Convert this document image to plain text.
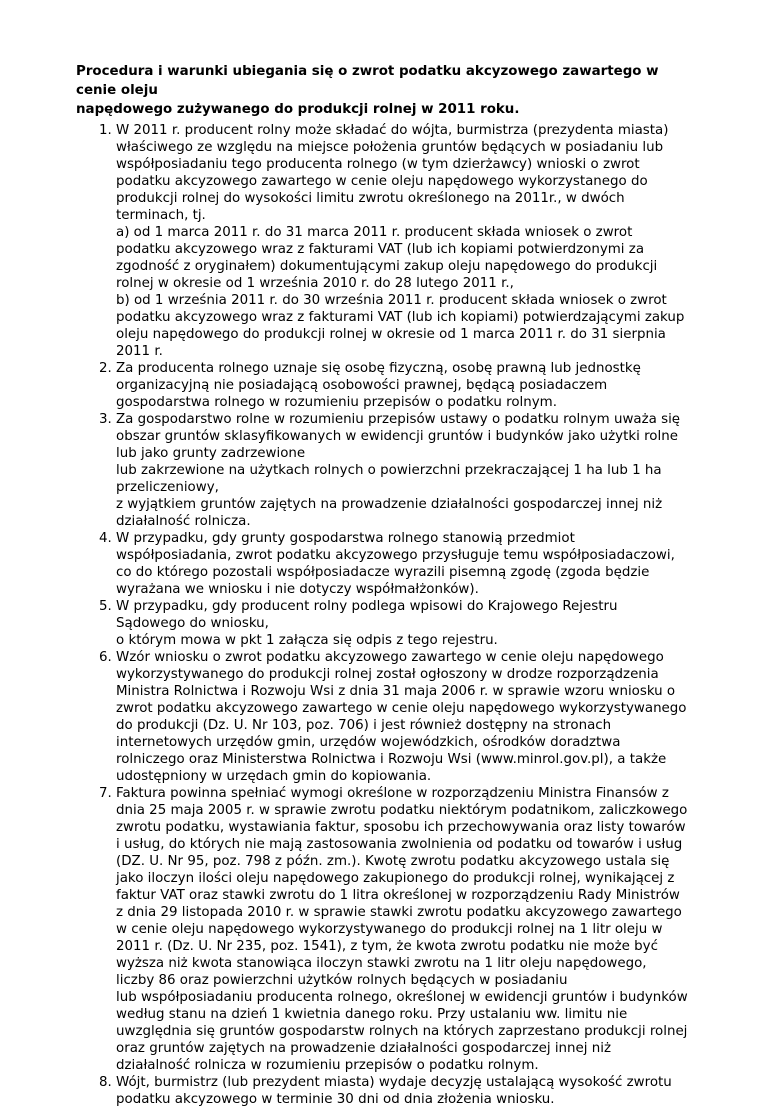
Procedura i warunki ubiegania się o zwrot podatku akcyzowego zawartego w cenie oleju
napędowego zużywanego do produkcji rolnej w 2011 roku.
1. W 2011 r. producent rolny może składać do wójta, burmistrza (prezydenta miasta) właściwego ze względu na miejsce położenia gruntów będących w posiadaniu lub współposiadaniu tego producenta rolnego (w tym dzierżawcy) wnioski o zwrot podatku akcyzowego zawartego w cenie oleju napędowego wykorzystanego do produkcji rolnej do wysokości limitu zwrotu określonego na 2011r., w dwóch terminach, tj.
a) od 1 marca 2011 r. do 31 marca 2011 r. producent składa wniosek o zwrot podatku akcyzowego wraz z fakturami VAT (lub ich kopiami potwierdzonymi za zgodność z oryginałem) dokumentującymi zakup oleju napędowego do produkcji rolnej w okresie od 1 września 2010 r. do 28 lutego 2011 r.,
b) od 1 września 2011 r. do 30 września 2011 r. producent składa wniosek o zwrot podatku akcyzowego wraz z fakturami VAT (lub ich kopiami) potwierdzającymi zakup oleju napędowego do produkcji rolnej w okresie od 1 marca 2011 r. do 31 sierpnia 2011 r.
2. Za producenta rolnego uznaje się osobę fizyczną, osobę prawną lub jednostkę organizacyjną nie posiadającą osobowości prawnej, będącą posiadaczem gospodarstwa rolnego w rozumieniu przepisów o podatku rolnym.
3. Za gospodarstwo rolne w rozumieniu przepisów ustawy o podatku rolnym uważa się obszar gruntów sklasyfikowanych w ewidencji gruntów i budynków jako użytki rolne lub jako grunty zadrzewione
lub zakrzewione na użytkach rolnych o powierzchni przekraczającej 1 ha lub 1 ha przeliczeniowy,
z wyjątkiem gruntów zajętych na prowadzenie działalności gospodarczej innej niż działalność rolnicza.
4. W przypadku, gdy grunty gospodarstwa rolnego stanowią przedmiot współposiadania, zwrot podatku akcyzowego przysługuje temu współposiadaczowi, co do którego pozostali współposiadacze wyrazili pisemną zgodę (zgoda będzie wyrażana we wniosku i nie dotyczy współmałżonków).
5. W przypadku, gdy producent rolny podlega wpisowi do Krajowego Rejestru Sądowego do wniosku,
o którym mowa w pkt 1 załącza się odpis z tego rejestru.
6. Wzór wniosku o zwrot podatku akcyzowego zawartego w cenie oleju napędowego wykorzystywanego do produkcji rolnej został ogłoszony w drodze rozporządzenia Ministra Rolnictwa i Rozwoju Wsi z dnia 31 maja 2006 r. w sprawie wzoru wniosku o zwrot podatku akcyzowego zawartego w cenie oleju napędowego wykorzystywanego do produkcji (Dz. U. Nr 103, poz. 706) i jest również dostępny na stronach internetowych urzędów gmin, urzędów wojewódzkich, ośrodków doradztwa rolniczego oraz Ministerstwa Rolnictwa i Rozwoju Wsi (www.minrol.gov.pl), a także udostępniony w urzędach gmin do kopiowania.
7. Faktura powinna spełniać wymogi określone w rozporządzeniu Ministra Finansów z dnia 25 maja 2005 r. w sprawie zwrotu podatku niektórym podatnikom, zaliczkowego zwrotu podatku, wystawiania faktur, sposobu ich przechowywania oraz listy towarów i usług, do których nie mają zastosowania zwolnienia od podatku od towarów i usług (DZ. U. Nr 95, poz. 798 z późn. zm.). Kwotę zwrotu podatku akcyzowego ustala się jako iloczyn ilości oleju napędowego zakupionego do produkcji rolnej, wynikającej z faktur VAT oraz stawki zwrotu do 1 litra określonej w rozporządzeniu Rady Ministrów z dnia 29 listopada 2010 r. w sprawie stawki zwrotu podatku akcyzowego zawartego w cenie oleju napędowego wykorzystywanego do produkcji rolnej na 1 litr oleju w 2011 r. (Dz. U. Nr 235, poz. 1541), z tym, że kwota zwrotu podatku nie może być wyższa niż kwota stanowiąca iloczyn stawki zwrotu na 1 litr oleju napędowego, liczby 86 oraz powierzchni użytków rolnych będących w posiadaniu
lub współposiadaniu producenta rolnego, określonej w ewidencji gruntów i budynków według stanu na dzień 1 kwietnia danego roku. Przy ustalaniu ww. limitu nie uwzględnia się gruntów gospodarstw rolnych na których zaprzestano produkcji rolnej oraz gruntów zajętych na prowadzenie działalności gospodarczej innej niż działalność rolnicza w rozumieniu przepisów o podatku rolnym.
8. Wójt, burmistrz (lub prezydent miasta) wydaje decyzję ustalającą wysokość zwrotu podatku akcyzowego w terminie 30 dni od dnia złożenia wniosku.
